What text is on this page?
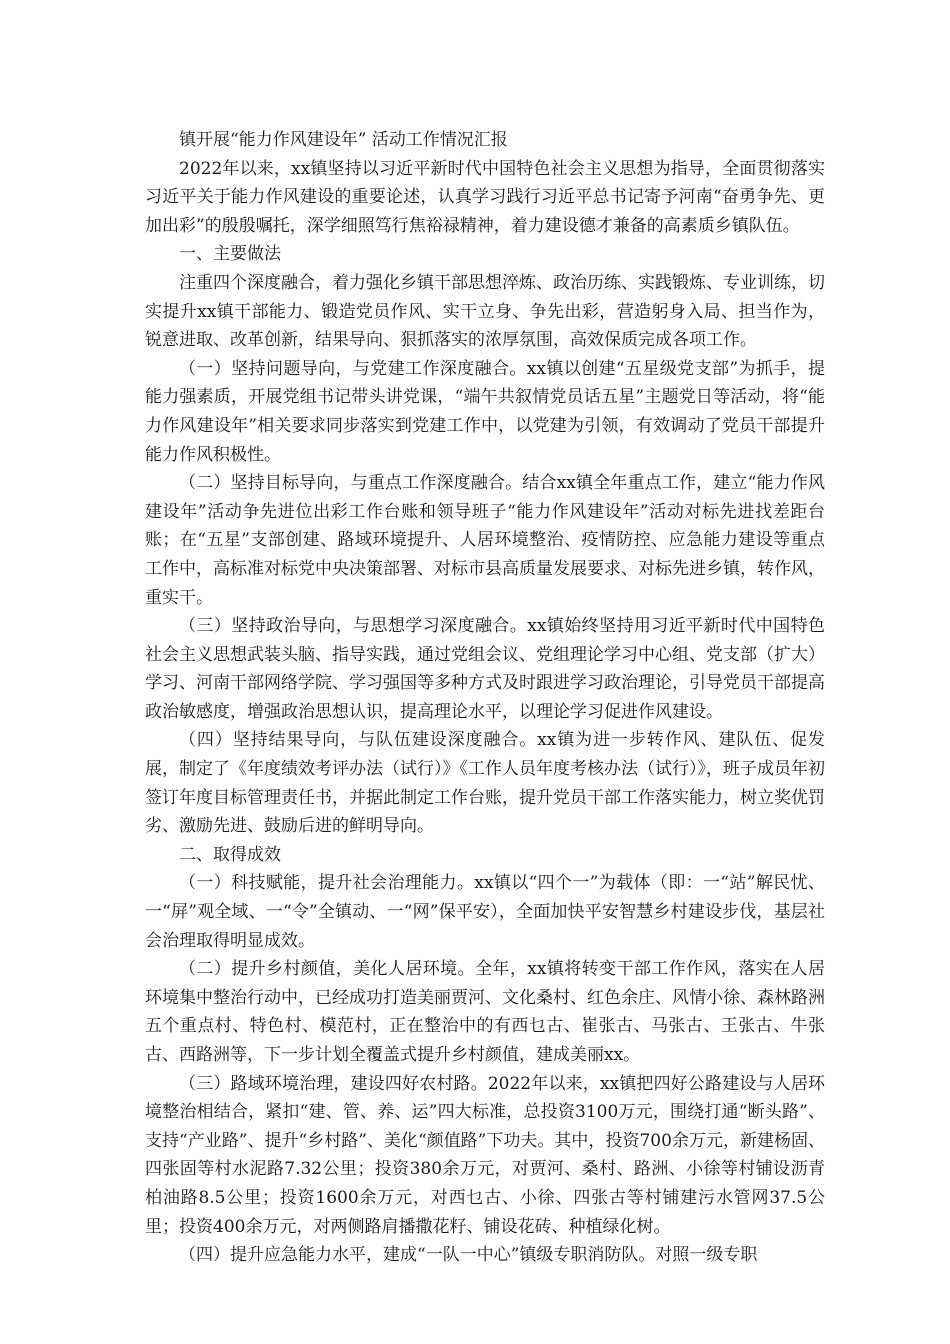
镇开展“能力作风建设年” 活动工作情况汇报

2022年以来，xx镇坚持以习近平新时代中国特色社会主义思想为指导，全面贯彻落实习近平关于能力作风建设的重要论述，认真学习践行习近平总书记寄予河南“奋勇争先、更加出彩”的殷殷嘱托，深学细照笃行焦裕禄精神，着力建设德才兼备的高素质乡镇队伍。

一、主要做法

注重四个深度融合，着力强化乡镇干部思想淬炼、政治历练、实践锻炼、专业训练，切实提升xx镇干部能力、锻造党员作风、实干立身、争先出彩，营造躬身入局、担当作为，锐意进取、改革创新，结果导向、狠抓落实的浓厚氛围，高效保质完成各项工作。

（一）坚持问题导向，与党建工作深度融合。xx镇以创建“五星级党支部”为抓手，提能力强素质，开展党组书记带头讲党课，“端午共叙情党员话五星”主题党日等活动，将“能力作风建设年”相关要求同步落实到党建工作中，以党建为引领，有效调动了党员干部提升能力作风积极性。

（二）坚持目标导向，与重点工作深度融合。结合xx镇全年重点工作，建立“能力作风建设年”活动争先进位出彩工作台账和领导班子“能力作风建设年”活动对标先进找差距台账；在“五星”支部创建、路域环境提升、人居环境整治、疫情防控、应急能力建设等重点工作中，高标准对标党中央决策部署、对标市县高质量发展要求、对标先进乡镇，转作风，重实干。

（三）坚持政治导向，与思想学习深度融合。xx镇始终坚持用习近平新时代中国特色社会主义思想武装头脑、指导实践，通过党组会议、党组理论学习中心组、党支部（扩大）学习、河南干部网络学院、学习强国等多种方式及时跟进学习政治理论，引导党员干部提高政治敏感度，增强政治思想认识，提高理论水平，以理论学习促进作风建设。

（四）坚持结果导向，与队伍建设深度融合。xx镇为进一步转作风、建队伍、促发展，制定了《年度绩效考评办法（试行）》《工作人员年度考核办法（试行）》，班子成员年初签订年度目标管理责任书，并据此制定工作台账，提升党员干部工作落实能力，树立奖优罚劣、激励先进、鼓励后进的鲜明导向。

二、取得成效

（一）科技赋能，提升社会治理能力。xx镇以“四个一”为载体（即：一“站”解民忧、一“屏”观全域、一“令”全镇动、一“网”保平安），全面加快平安智慧乡村建设步伐，基层社会治理取得明显成效。

（二）提升乡村颜值，美化人居环境。全年，xx镇将转变干部工作作风，落实在人居环境集中整治行动中，已经成功打造美丽贾河、文化桑村、红色余庄、风情小徐、森林路洲五个重点村、特色村、模范村，正在整治中的有西乜古、崔张古、马张古、王张古、牛张古、西路洲等，下一步计划全覆盖式提升乡村颜值，建成美丽xx。

（三）路域环境治理，建设四好农村路。2022年以来，xx镇把四好公路建设与人居环境整治相结合，紧扣“建、管、养、运”四大标准，总投资3100万元，围绕打通“断头路”、支持“产业路”、提升“乡村路”、美化“颜值路”下功夫。其中，投资700余万元，新建杨固、四张固等村水泥路7.32公里；投资380余万元，对贾河、桑村、路洲、小徐等村铺设沥青柏油路8.5公里；投资1600余万元，对西乜古、小徐、四张古等村铺建污水管网37.5公里；投资400余万元，对两侧路肩播撒花籽、铺设花砖、种植绿化树。

（四）提升应急能力水平，建成“一队一中心”镇级专职消防队。对照一级专职
